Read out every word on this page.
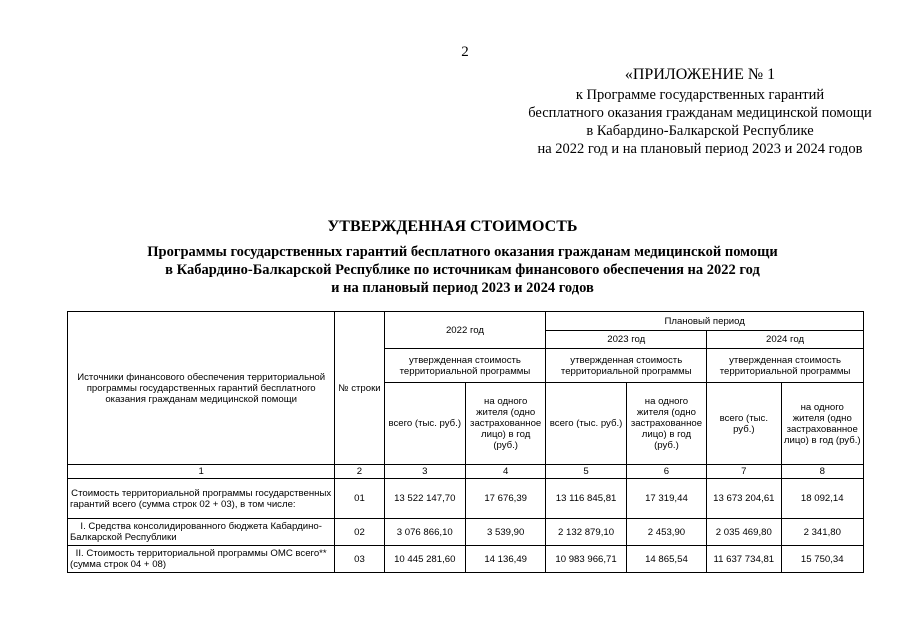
2
«ПРИЛОЖЕНИЕ № 1
к Программе государственных гарантий
бесплатного оказания гражданам медицинской помощи
в Кабардино-Балкарской Республике
на 2022 год и на плановый период 2023 и 2024 годов
УТВЕРЖДЕННАЯ СТОИМОСТЬ
Программы государственных гарантий бесплатного оказания гражданам медицинской помощи
в Кабардино-Балкарской Республике по источникам финансового обеспечения на 2022 год
и на плановый период 2023 и 2024 годов
Источники финансового обеспечения территориальной программы государственных гарантий бесплатного оказания гражданам медицинской помощи	№ строки	2022 год		Плановый период			
				2023 год		2024 год	
		утвержденная стоимость территориальной программы		утвержденная стоимость территориальной программы		утвержденная стоимость территориальной программы	
		всего (тыс. руб.)	на одного жителя (одно застрахованное лицо) в год (руб.)	всего (тыс. руб.)	на одного жителя (одно застрахованное лицо) в год (руб.)	всего (тыс. руб.)	на одного жителя (одно застрахованное лицо) в год (руб.)
1	2	3	4	5	6	7	8
Стоимость территориальной программы государственных гарантий всего (сумма строк 02 + 03), в том числе:	01	13 522 147,70	17 676,39	13 116 845,81	17 319,44	13 673 204,61	18 092,14
I. Средства консолидированного бюджета Кабардино-Балкарской Республики	02	3 076 866,10	3 539,90	2 132 879,10	2 453,90	2 035 469,80	2 341,80
II. Стоимость территориальной программы ОМС всего** (сумма строк 04 + 08)	03	10 445 281,60	14 136,49	10 983 966,71	14 865,54	11 637 734,81	15 750,34
